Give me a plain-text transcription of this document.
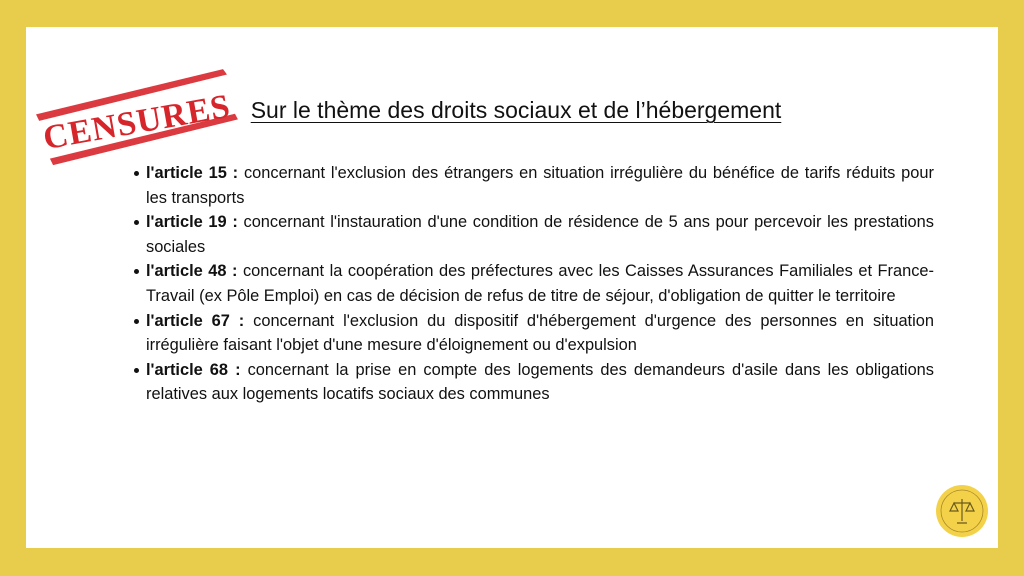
CENSURES Sur le thème des droits sociaux et de l’hébergement
l'article 15 : concernant l'exclusion des étrangers en situation irrégulière du bénéfice de tarifs réduits pour les transports
l'article 19 : concernant l'instauration d'une condition de résidence de 5 ans pour percevoir les prestations sociales
l'article 48 : concernant la coopération des préfectures avec les Caisses Assurances Familiales et France-Travail (ex Pôle Emploi) en cas de décision de refus de titre de séjour, d'obligation de quitter le territoire
l'article 67 : concernant l'exclusion du dispositif d'hébergement d'urgence des personnes en situation irrégulière faisant l'objet d'une mesure d'éloignement ou d'expulsion
l'article 68 : concernant la prise en compte des logements des demandeurs d'asile dans les obligations relatives aux logements locatifs sociaux des communes
